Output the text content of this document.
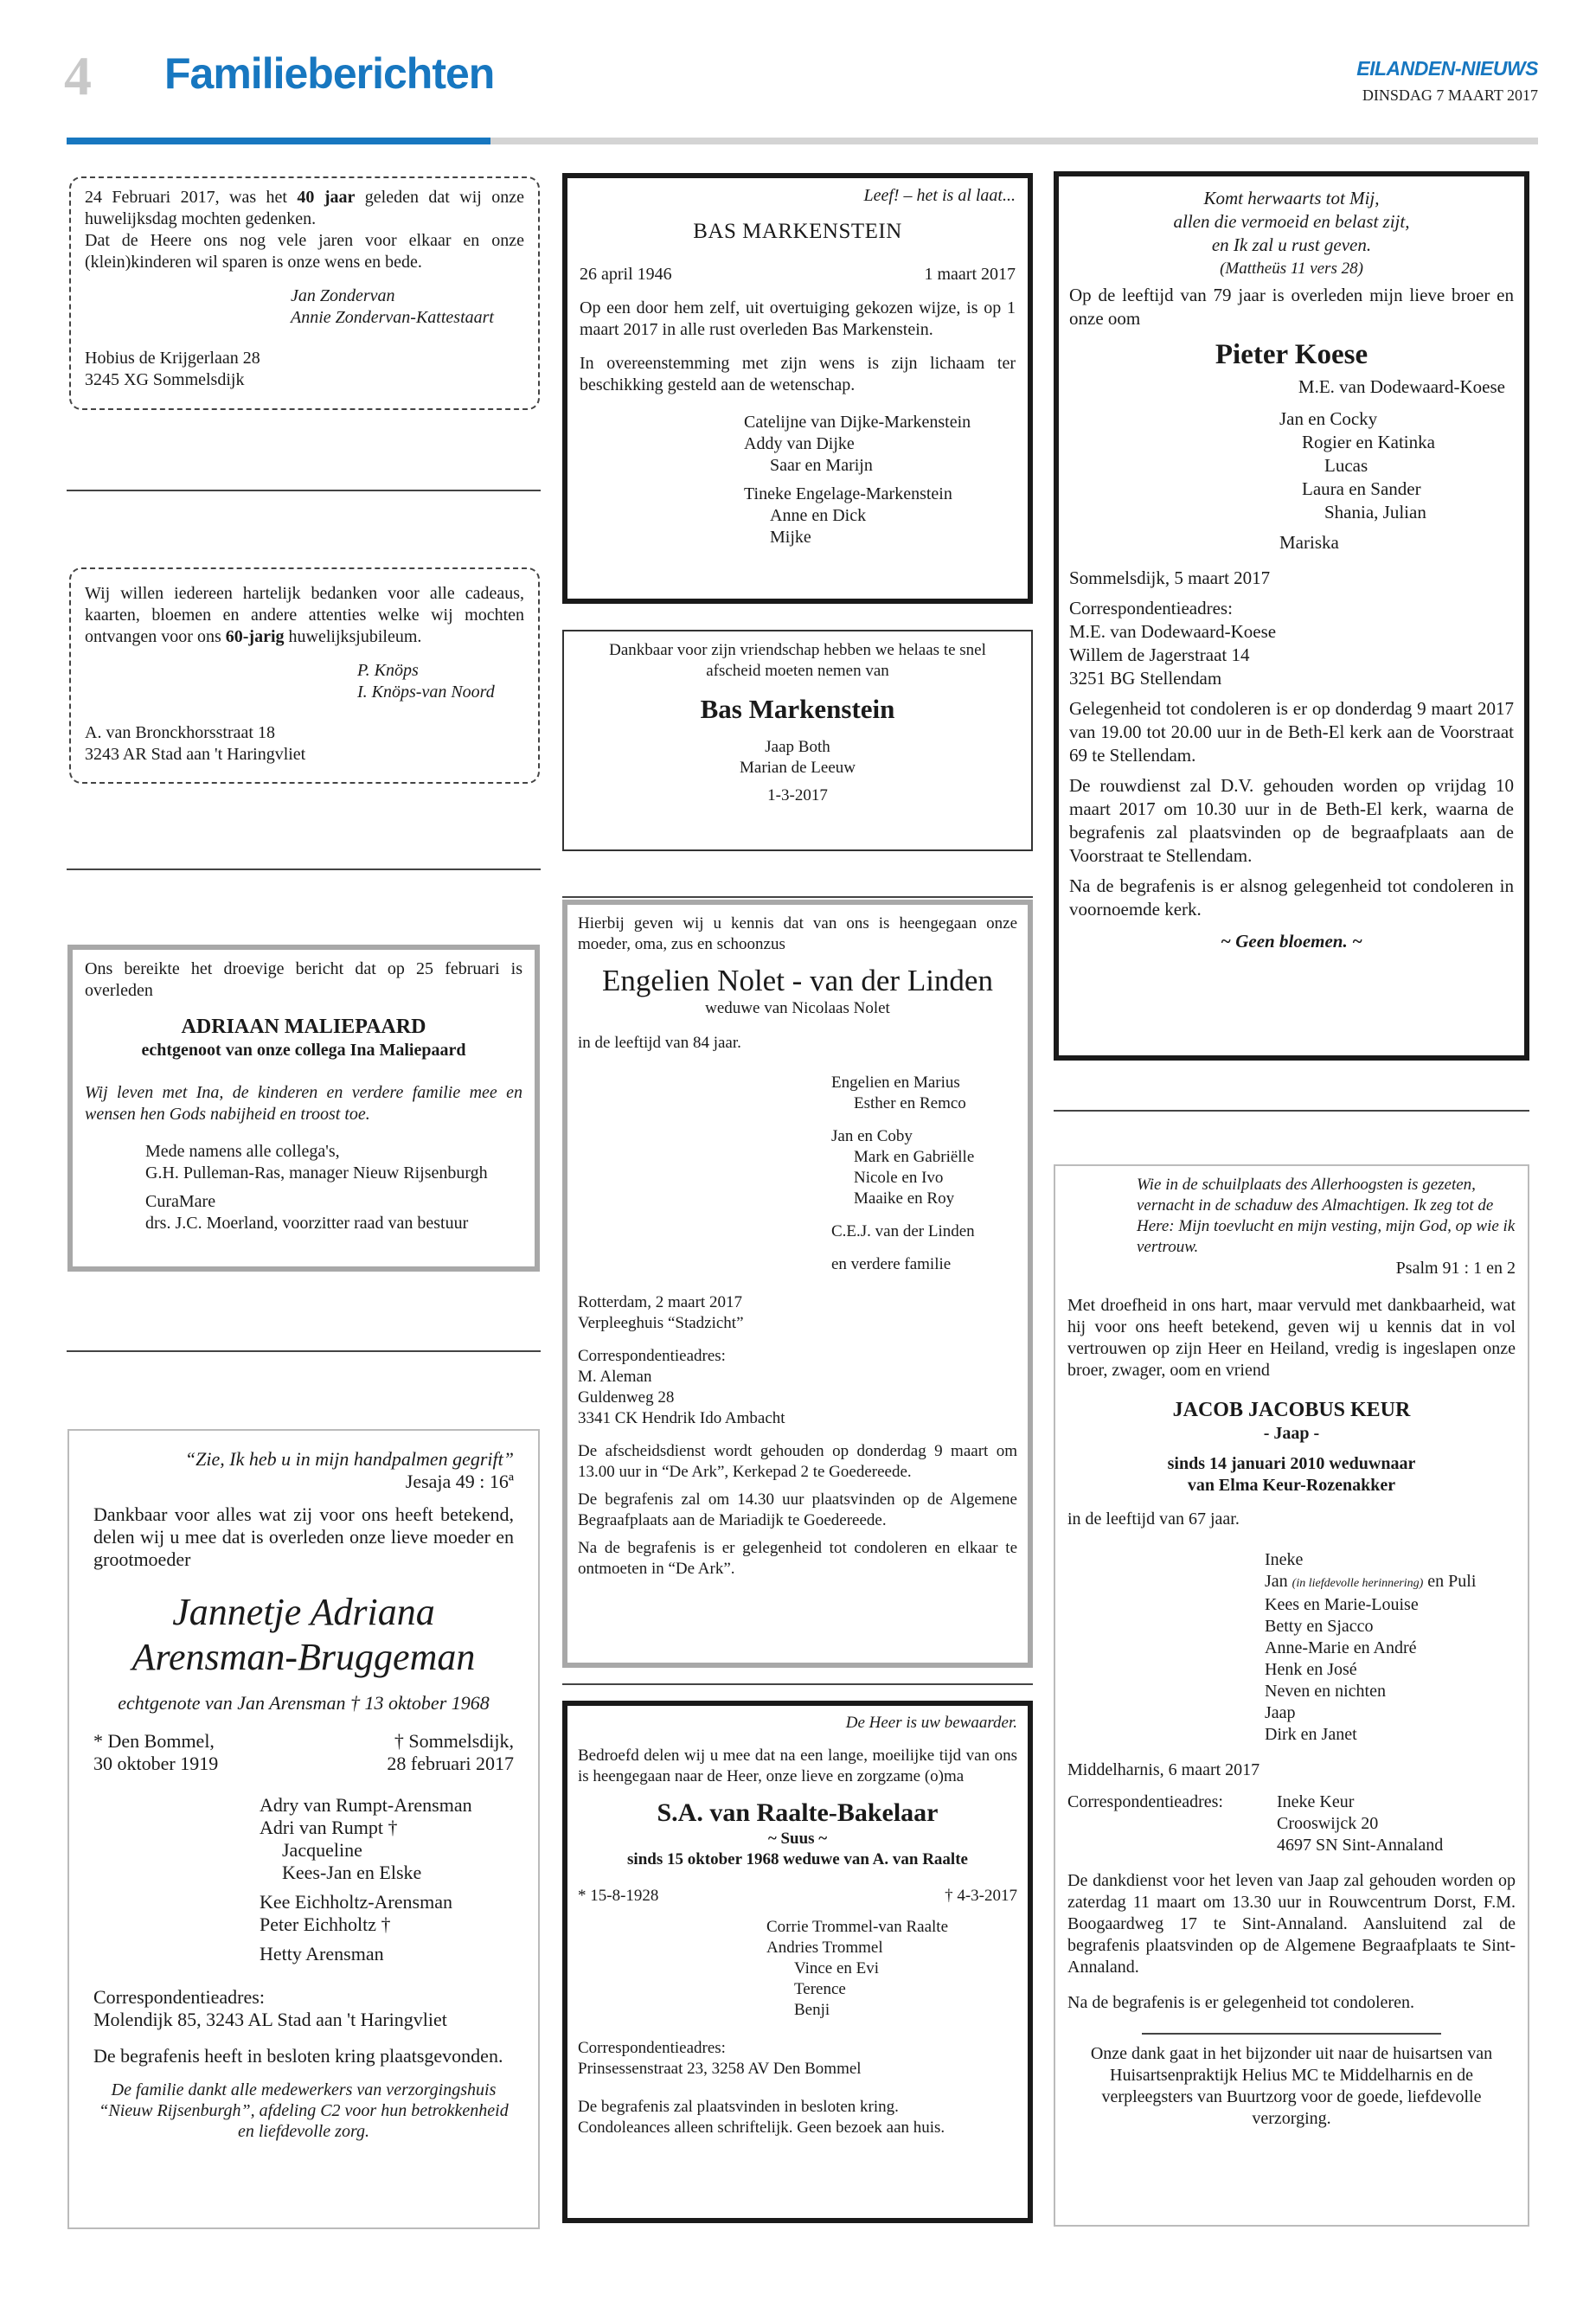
4 Familieberichten	EILANDEN-NIEUWS
DINSDAG 7 MAART 2017

24 Februari 2017, was het 40 jaar geleden dat wij onze huwelijksdag mochten gedenken.

Dat de Heere ons nog vele jaren voor elkaar en onze (klein)kinderen wil sparen is onze wens en bede.

Jan Zondervan

Annie Zondervan-Kattestaart

Hobius de Krijgerlaan 28

3245 XG Sommelsdijk

Wij willen iedereen hartelijk bedanken voor alle cadeaus, kaarten, bloemen en andere attenties welke wij mochten ontvangen voor ons 60-jarig huwelijksjubileum.

P. Knöps

I. Knöps-van Noord

A. van Bronckhorsstraat 18

3243 AR Stad aan 't Haringvliet

Ons bereikte het droevige bericht dat op 25 februari is overleden

ADRIAAN MALIEPAARD

echtgenoot van onze collega Ina Maliepaard

Wij leven met Ina, de kinderen en verdere familie mee en wensen hen Gods nabijheid en troost toe.

Mede namens alle collega's,

G.H. Pulleman-Ras, manager Nieuw Rijsenburgh

CuraMare

drs. J.C. Moerland, voorzitter raad van bestuur

“Zie, Ik heb u in mijn handpalmen gegrift”

Jesaja 49 : 16ª

Dankbaar voor alles wat zij voor ons heeft betekend, delen wij u mee dat is overleden onze lieve moeder en grootmoeder

Jannetje Adriana

Arensman-Bruggeman

echtgenote van Jan Arensman † 13 oktober 1968

* Den Bommel,

30 oktober 1919

† Sommelsdijk,

28 februari 2017

Adry van Rumpt-Arensman

Adri van Rumpt †

Jacqueline

Kees-Jan en Elske

Kee Eichholtz-Arensman

Peter Eichholtz †

Hetty Arensman

Correspondentieadres:

Molendijk 85, 3243 AL Stad aan 't Haringvliet

De begrafenis heeft in besloten kring plaatsgevonden.

De familie dankt alle medewerkers van verzorgingshuis “Nieuw Rijsenburgh”, afdeling C2 voor hun betrokkenheid en liefdevolle zorg.

Leef! – het is al laat...

BAS MARKENSTEIN

26 april 1946	1 maart 2017

Op een door hem zelf, uit overtuiging gekozen wijze, is op 1 maart 2017 in alle rust overleden Bas Markenstein.

In overeenstemming met zijn wens is zijn lichaam ter beschikking gesteld aan de wetenschap.

Catelijne van Dijke-Markenstein

Addy van Dijke

Saar en Marijn

Tineke Engelage-Markenstein

Anne en Dick

Mijke

Dankbaar voor zijn vriendschap hebben we helaas te snel afscheid moeten nemen van

Bas Markenstein

Jaap Both

Marian de Leeuw

1-3-2017

Hierbij geven wij u kennis dat van ons is heengegaan onze moeder, oma, zus en schoonzus

Engelien Nolet - van der Linden

weduwe van Nicolaas Nolet

in de leeftijd van 84 jaar.

Engelien en Marius

Esther en Remco

Jan en Coby

Mark en Gabriëlle

Nicole en Ivo

Maaike en Roy

C.E.J. van der Linden

en verdere familie

Rotterdam, 2 maart 2017

Verpleeghuis “Stadzicht”

Correspondentieadres:

M. Aleman

Guldenweg 28

3341 CK Hendrik Ido Ambacht

De afscheidsdienst wordt gehouden op donderdag 9 maart om 13.00 uur in “De Ark”, Kerkepad 2 te Goedereede.

De begrafenis zal om 14.30 uur plaatsvinden op de Algemene Begraafplaats aan de Mariadijk te Goedereede.

Na de begrafenis is er gelegenheid tot condoleren en elkaar te ontmoeten in “De Ark”.

De Heer is uw bewaarder.

Bedroefd delen wij u mee dat na een lange, moeilijke tijd van ons is heengegaan naar de Heer, onze lieve en zorgzame (o)ma

S.A. van Raalte-Bakelaar

~ Suus ~

sinds 15 oktober 1968 weduwe van A. van Raalte

* 15-8-1928	† 4-3-2017

Corrie Trommel-van Raalte

Andries Trommel

Vince en Evi

Terence

Benji

Correspondentieadres:

Prinsessenstraat 23, 3258 AV Den Bommel

De begrafenis zal plaatsvinden in besloten kring.

Condoleances alleen schriftelijk. Geen bezoek aan huis.

Komt herwaarts tot Mij,

allen die vermoeid en belast zijt,

en Ik zal u rust geven.

(Mattheüs 11 vers 28)

Op de leeftijd van 79 jaar is overleden mijn lieve broer en onze oom

Pieter Koese

M.E. van Dodewaard-Koese

Jan en Cocky

Rogier en Katinka

Lucas

Laura en Sander

Shania, Julian

Mariska

Sommelsdijk, 5 maart 2017

Correspondentieadres:

M.E. van Dodewaard-Koese

Willem de Jagerstraat 14

3251 BG Stellendam

Gelegenheid tot condoleren is er op donderdag 9 maart 2017 van 19.00 tot 20.00 uur in de Beth-El kerk aan de Voorstraat 69 te Stellendam.

De rouwdienst zal D.V. gehouden worden op vrijdag 10 maart 2017 om 10.30 uur in de Beth-El kerk, waarna de begrafenis zal plaatsvinden op de begraafplaats aan de Voorstraat te Stellendam.

Na de begrafenis is er alsnog gelegenheid tot condoleren in voornoemde kerk.

~ Geen bloemen. ~

Wie in de schuilplaats des Allerhoogsten is gezeten, vernacht in de schaduw des Almachtigen. Ik zeg tot de Here: Mijn toevlucht en mijn vesting, mijn God, op wie ik vertrouw.

Psalm 91 : 1 en 2

Met droefheid in ons hart, maar vervuld met dankbaarheid, wat hij voor ons heeft betekend, geven wij u kennis dat in vol vertrouwen op zijn Heer en Heiland, vredig is ingeslapen onze broer, zwager, oom en vriend

JACOB JACOBUS KEUR

- Jaap -

sinds 14 januari 2010 weduwnaar

van Elma Keur-Rozenakker

in de leeftijd van 67 jaar.

Ineke

Jan (in liefdevolle herinnering) en Puli

Kees en Marie-Louise

Betty en Sjacco

Anne-Marie en André

Henk en José

Neven en nichten

Jaap

Dirk en Janet

Middelharnis, 6 maart 2017

Correspondentieadres:	Ineke Keur

Crooswijck 20

4697 SN Sint-Annaland

De dankdienst voor het leven van Jaap zal gehouden worden op zaterdag 11 maart om 13.30 uur in Rouwcentrum Dorst, F.M. Boogaardweg 17 te Sint-Annaland. Aansluitend zal de begrafenis plaatsvinden op de Algemene Begraafplaats te Sint-Annaland.

Na de begrafenis is er gelegenheid tot condoleren.

Onze dank gaat in het bijzonder uit naar de huisartsen van Huisartsenpraktijk Helius MC te Middelharnis en de verpleegsters van Buurtzorg voor de goede, liefdevolle verzorging.
